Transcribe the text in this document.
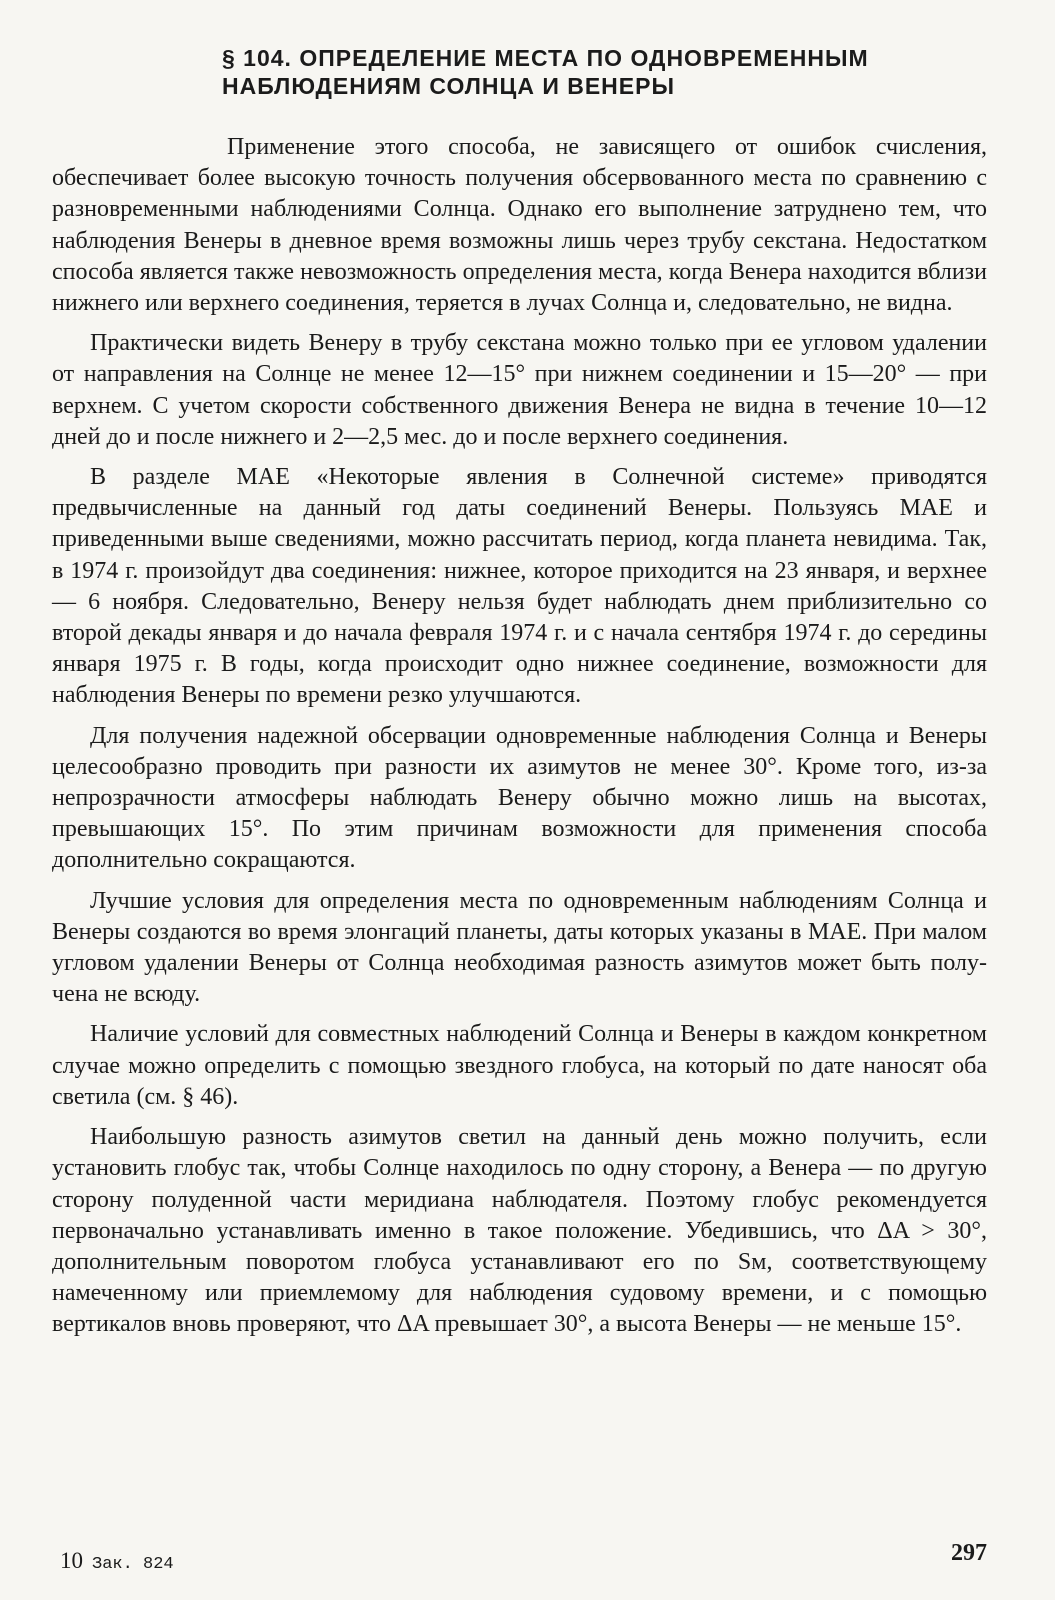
§ 104. ОПРЕДЕЛЕНИЕ МЕСТА ПО ОДНОВРЕМЕННЫМ
НАБЛЮДЕНИЯМ СОЛНЦА И ВЕНЕРЫ

Применение этого способа, не зависящего от ошибок счисления, обеспечивает более высокую точность получения обсервованного места по сравнению с разновременными наблюдениями Солнца. Однако его выполнение затруднено тем, что наблюдения Венеры в дневное время возможны лишь через трубу секстана. Недостатком способа является также невозможность определения места, когда Венера находится вблизи нижнего или верхнего соединения, теряется в лучах Солнца и, следовательно, не видна.

Практически видеть Венеру в трубу секстана можно только при ее угловом удалении от направления на Солнце не менее 12—15° при нижнем соединении и 15—20° — при верхнем. С учетом скорости собственного движения Венера не видна в течение 10—12 дней до и после нижнего и 2—2,5 мес. до и после верхнего соединения.

В разделе МАЕ «Некоторые явления в Солнечной системе» приводятся предвычисленные на данный год даты соединений Венеры. Пользуясь МАЕ и приведенными выше сведениями, можно рассчитать период, когда планета невидима. Так, в 1974 г. произойдут два соединения: нижнее, которое приходится на 23 января, и верхнее — 6 ноября. Следовательно, Венеру нельзя будет наблюдать днем приблизительно со второй декады января и до начала февраля 1974 г. и с начала сентября 1974 г. до середины января 1975 г. В годы, когда происходит одно нижнее соединение, возможности для наблюдения Венеры по времени резко улучшаются.

Для получения надежной обсервации одновременные наблюдения Солнца и Венеры целесообразно проводить при разности их азимутов не менее 30°. Кроме того, из-за непрозрачности атмосферы наблюдать Венеру обычно можно лишь на высотах, превышающих 15°. По этим причинам возможности для применения способа дополнительно сокращаются.

Лучшие условия для определения места по одновременным наблюдениям Солнца и Венеры создаются во время элонгаций планеты, даты которых указаны в МАЕ. При малом угловом удалении Венеры от Солнца необходимая разность азимутов может быть получена не всюду.

Наличие условий для совместных наблюдений Солнца и Венеры в каждом конкретном случае можно определить с помощью звездного глобуса, на который по дате наносят оба светила (см. § 46).

Наибольшую разность азимутов светил на данный день можно получить, если установить глобус так, чтобы Солнце находилось по одну сторону, а Венера — по другую сторону полуденной части меридиана наблюдателя. Поэтому глобус рекомендуется первоначально устанавливать именно в такое положение. Убедившись, что ΔA > 30°, дополнительным поворотом глобуса устанавливают его по Sм, соответствующему намеченному или приемлемому для наблюдения судовому времени, и с помощью вертикалов вновь проверяют, что ΔA превышает 30°, а высота Венеры — не меньше 15°.

10 Зак. 824	297
